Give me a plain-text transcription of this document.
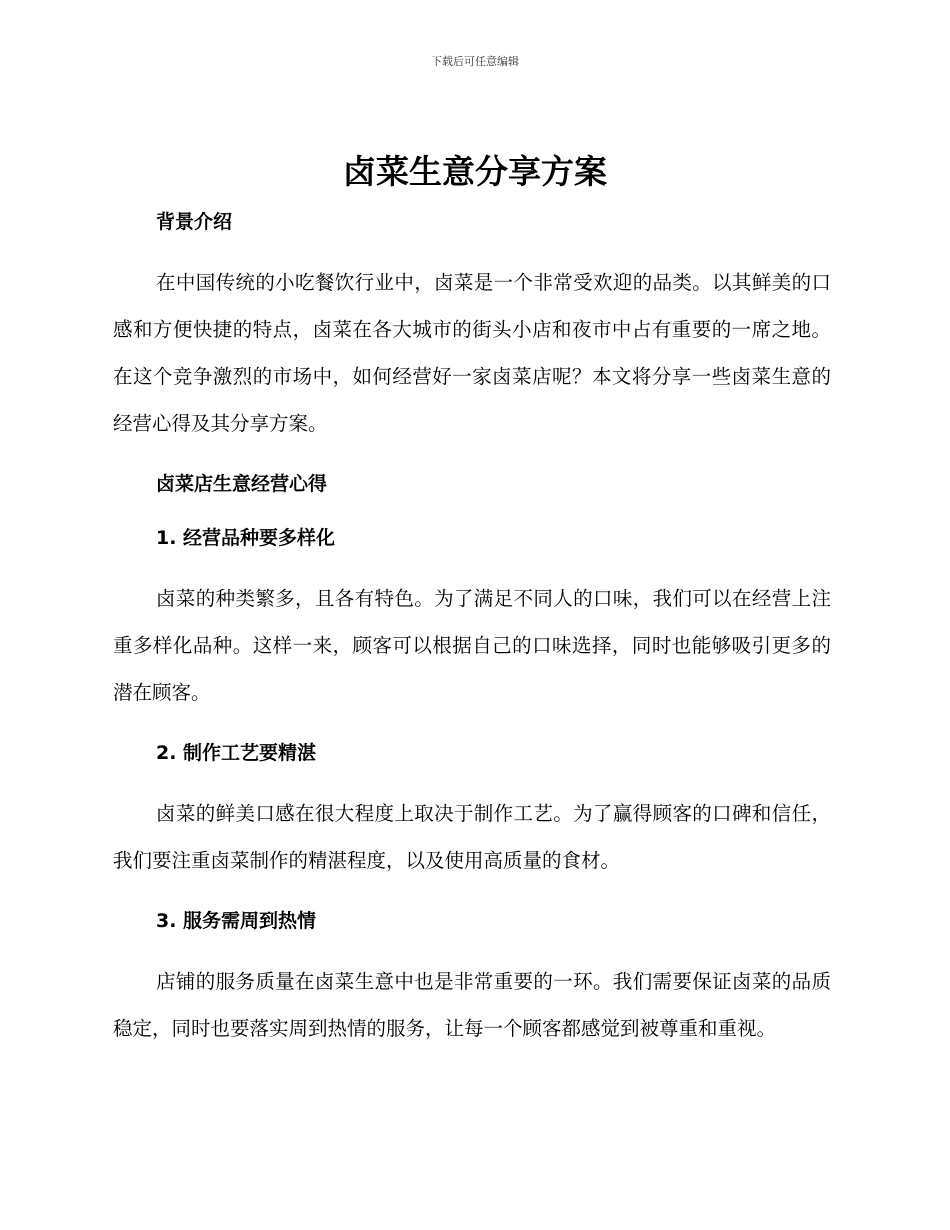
下载后可任意编辑
卤菜生意分享方案

背景介绍

在中国传统的小吃餐饮行业中，卤菜是一个非常受欢迎的品类。以其鲜美的口感和方便快捷的特点，卤菜在各大城市的街头小店和夜市中占有重要的一席之地。在这个竞争激烈的市场中，如何经营好一家卤菜店呢？本文将分享一些卤菜生意的经营心得及其分享方案。

卤菜店生意经营心得

1. 经营品种要多样化

卤菜的种类繁多，且各有特色。为了满足不同人的口味，我们可以在经营上注重多样化品种。这样一来，顾客可以根据自己的口味选择，同时也能够吸引更多的潜在顾客。

2. 制作工艺要精湛

卤菜的鲜美口感在很大程度上取决于制作工艺。为了赢得顾客的口碑和信任，我们要注重卤菜制作的精湛程度，以及使用高质量的食材。

3. 服务需周到热情

店铺的服务质量在卤菜生意中也是非常重要的一环。我们需要保证卤菜的品质稳定，同时也要落实周到热情的服务，让每一个顾客都感觉到被尊重和重视。
